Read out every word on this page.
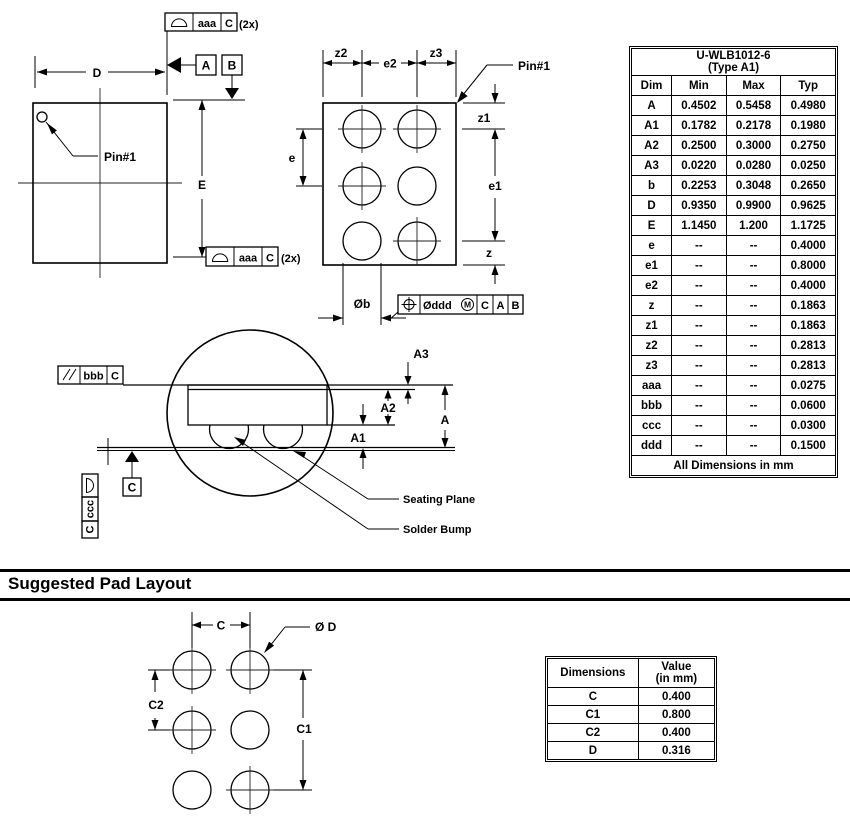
Pin#1
D
E
A B
aaa C (2x)
aaa C (2x)
z2
e2
z3
Pin#1
z1
e1
z
e
Øb	Øddd M C A B
bbb C
C
ccc
C
A3
A2
A1
A
Seating Plane
Solder Bump
U-WLB1012-6
(Type A1)			

Dim	Min	Max	Typ
A	0.4502	0.5458	0.4980
A1	0.1782	0.2178	0.1980
A2	0.2500	0.3000	0.2750
A3	0.0220	0.0280	0.0250
b	0.2253	0.3048	0.2650
D	0.9350	0.9900	0.9625
E	1.1450	1.200	1.1725
e	--	--	0.4000
e1	--	--	0.8000
e2	--	--	0.4000
z	--	--	0.1863
z1	--	--	0.1863
z2	--	--	0.2813
z3	--	--	0.2813
aaa	--	--	0.0275
bbb	--	--	0.0600
ccc	--	--	0.0300
ddd	--	--	0.1500
All Dimensions in mm			
Suggested Pad Layout
C	Ø D
C2
C1
Dimensions	Value
(in mm)

C	0.400
C1	0.800
C2	0.400
D	0.316
